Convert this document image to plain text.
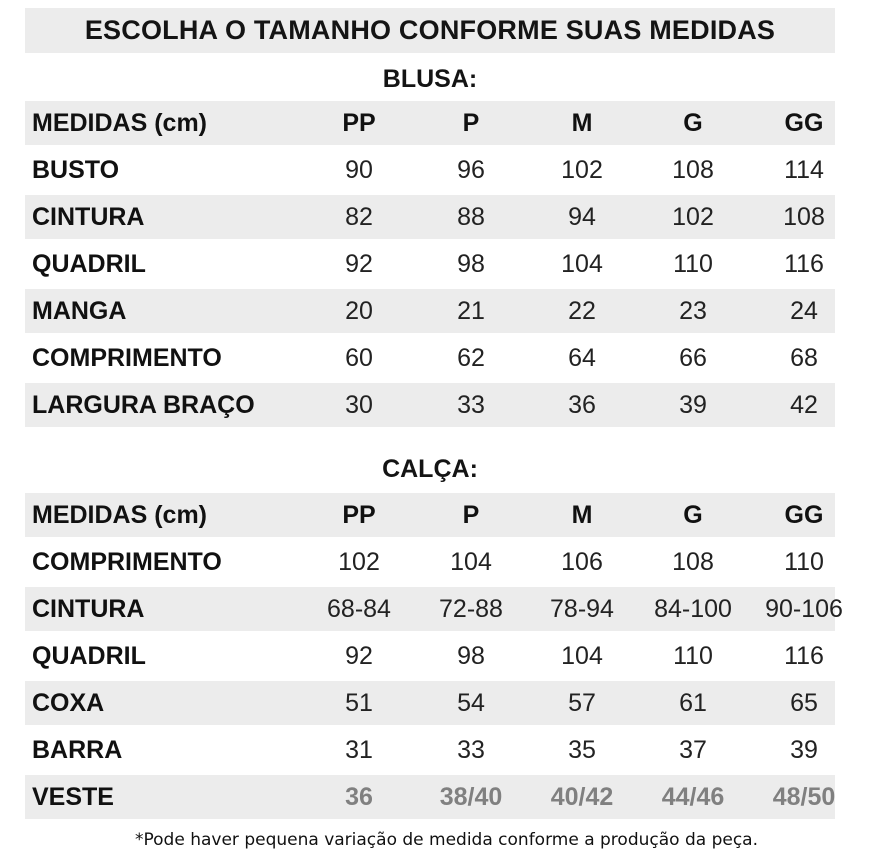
ESCOLHA O TAMANHO CONFORME SUAS MEDIDAS
BLUSA:
MEDIDAS (cm)	PP	P	M	G	GG
BUSTO	90	96	102	108	114
CINTURA	82	88	94	102	108
QUADRIL	92	98	104	110	116
MANGA	20	21	22	23	24
COMPRIMENTO	60	62	64	66	68
LARGURA BRAÇO	30	33	36	39	42
CALÇA:
MEDIDAS (cm)	PP	P	M	G	GG
COMPRIMENTO	102	104	106	108	110
CINTURA	68-84	72-88	78-94	84-100	90-106
QUADRIL	92	98	104	110	116
COXA	51	54	57	61	65
BARRA	31	33	35	37	39
VESTE	36	38/40	40/42	44/46	48/50
*Pode haver pequena variação de medida conforme a produção da peça.
